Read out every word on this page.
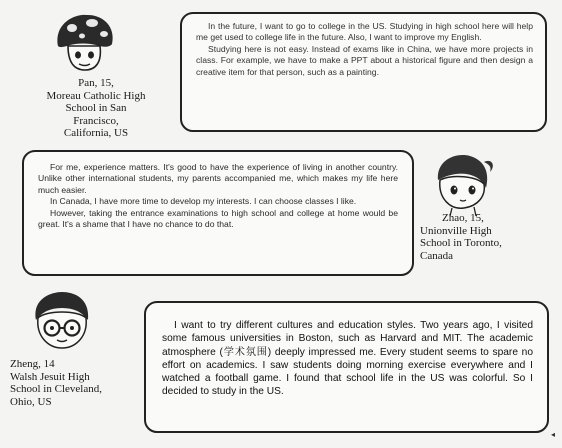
Pan, 15,
Moreau Catholic High
School in San Francisco,
California, US

In the future, I want to go to college in the US. Studying in high school here will help me get used to college life in the future. Also, I want to improve my English.

Studying here is not easy. Instead of exams like in China, we have more projects in class. For example, we have to make a PPT about a historical figure and then design a creative item for that person, such as a painting.

For me, experience matters. It's good to have the experience of living in another country. Unlike other international students, my parents accompanied me, which makes my life here much easier.

In Canada, I have more time to develop my interests. I can choose classes I like.

However, taking the entrance examinations to high school and college at home would be great. It's a shame that I have no chance to do that.

Zhao, 15,
Unionville High
School in Toronto,
Canada
Zheng, 14
Walsh Jesuit High
School in Cleveland,
Ohio, US

I want to try different cultures and education styles. Two years ago, I visited some famous universities in Boston, such as Harvard and MIT. The academic atmosphere (学术氛围) deeply impressed me. Every student seems to spare no effort on academics. I saw students doing morning exercise everywhere and I watched a football game. I found that school life in the US was colorful. So I decided to study in the US.

◂
